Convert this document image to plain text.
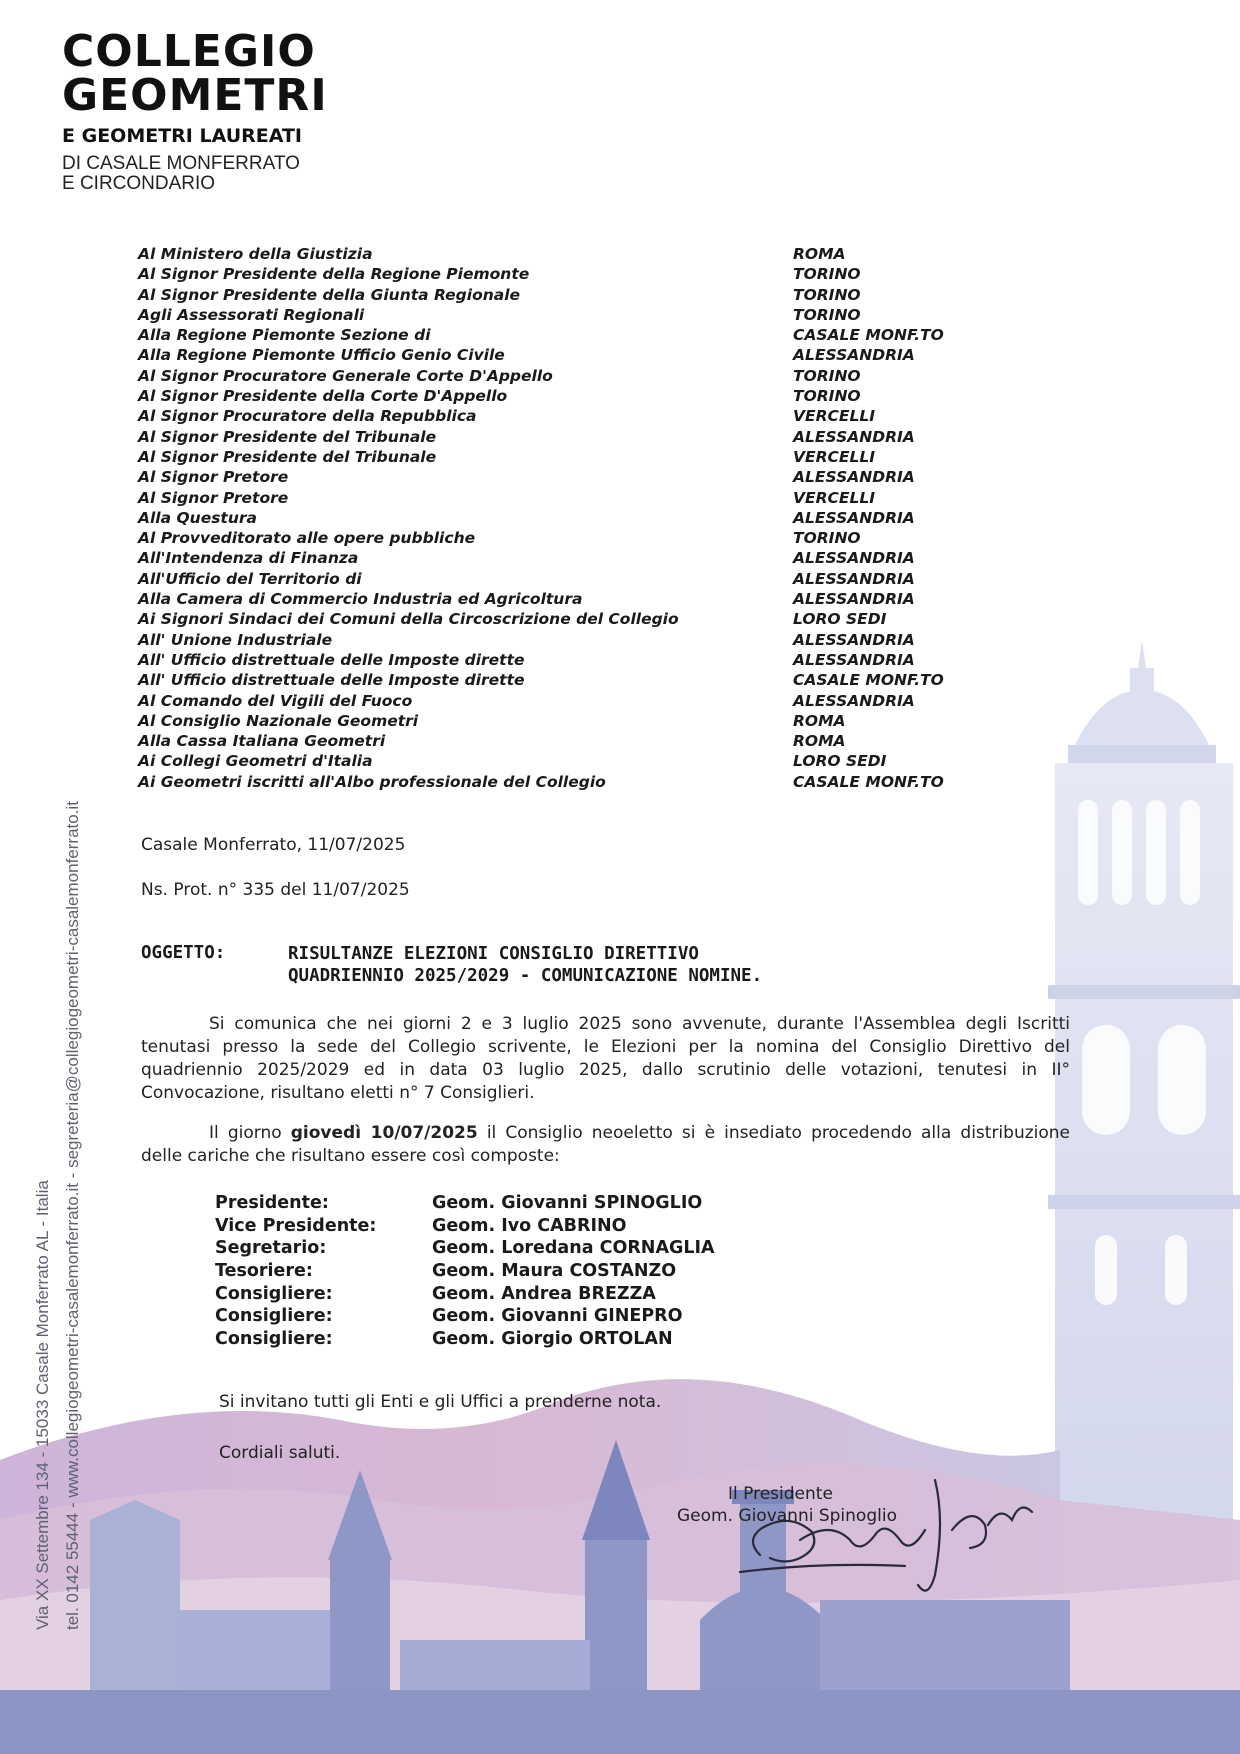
COLLEGIO
GEOMETRI
E GEOMETRI LAUREATI
DI CASALE MONFERRATO
E CIRCONDARIO
Al Ministero della Giustizia	ROMA
Al Signor Presidente della Regione Piemonte	TORINO
Al Signor Presidente della Giunta Regionale	TORINO
Agli Assessorati Regionali	TORINO
Alla Regione Piemonte Sezione di	CASALE MONF.TO
Alla Regione Piemonte Ufficio Genio Civile	ALESSANDRIA
Al Signor Procuratore Generale Corte D'Appello	TORINO
Al Signor Presidente della Corte D'Appello	TORINO
Al Signor Procuratore della Repubblica	VERCELLI
Al Signor Presidente del Tribunale	ALESSANDRIA
Al Signor Presidente del Tribunale	VERCELLI
Al Signor Pretore	ALESSANDRIA
Al Signor Pretore	VERCELLI
Alla Questura	ALESSANDRIA
Al Provveditorato alle opere pubbliche	TORINO
All'Intendenza di Finanza	ALESSANDRIA
All'Ufficio del Territorio di	ALESSANDRIA
Alla Camera di Commercio Industria ed Agricoltura	ALESSANDRIA
Ai Signori Sindaci dei Comuni della Circoscrizione del Collegio	LORO SEDI
All' Unione Industriale	ALESSANDRIA
All' Ufficio distrettuale delle Imposte dirette	ALESSANDRIA
All' Ufficio distrettuale delle Imposte dirette	CASALE MONF.TO
Al Comando del Vigili del Fuoco	ALESSANDRIA
Al Consiglio Nazionale Geometri	ROMA
Alla Cassa Italiana Geometri	ROMA
Ai Collegi Geometri d'Italia	LORO SEDI
Ai Geometri iscritti all'Albo professionale del Collegio	CASALE MONF.TO
Casale Monferrato, 11/07/2025
Ns. Prot. n° 335 del 11/07/2025
OGGETTO:	RISULTANZE ELEZIONI CONSIGLIO DIRETTIVO
QUADRIENNIO 2025/2029 - COMUNICAZIONE NOMINE.
Si comunica che nei giorni 2 e 3 luglio 2025 sono avvenute, durante l'Assemblea degli Iscritti tenutasi presso la sede del Collegio scrivente, le Elezioni per la nomina del Consiglio Direttivo del quadriennio 2025/2029 ed in data 03 luglio 2025, dallo scrutinio delle votazioni, tenutesi in II° Convocazione, risultano eletti n° 7 Consiglieri.
Il giorno giovedì 10/07/2025 il Consiglio neoeletto si è insediato procedendo alla distribuzione delle cariche che risultano essere così composte:
Presidente:	Geom. Giovanni SPINOGLIO
Vice Presidente:	Geom. Ivo CABRINO
Segretario:	Geom. Loredana CORNAGLIA
Tesoriere:	Geom. Maura COSTANZO
Consigliere:	Geom. Andrea BREZZA
Consigliere:	Geom. Giovanni GINEPRO
Consigliere:	Geom. Giorgio ORTOLAN
Si invitano tutti gli Enti e gli Uffici a prenderne nota.
Cordiali saluti.
Il Presidente
Geom. Giovanni Spinoglio
Via XX Settembre 134 - 15033 Casale Monferrato AL - Italia tel. 0142 55444 - www.collegiogeometri-casalemonferrato.it - segreteria@collegiogeometri-casalemonferrato.it
